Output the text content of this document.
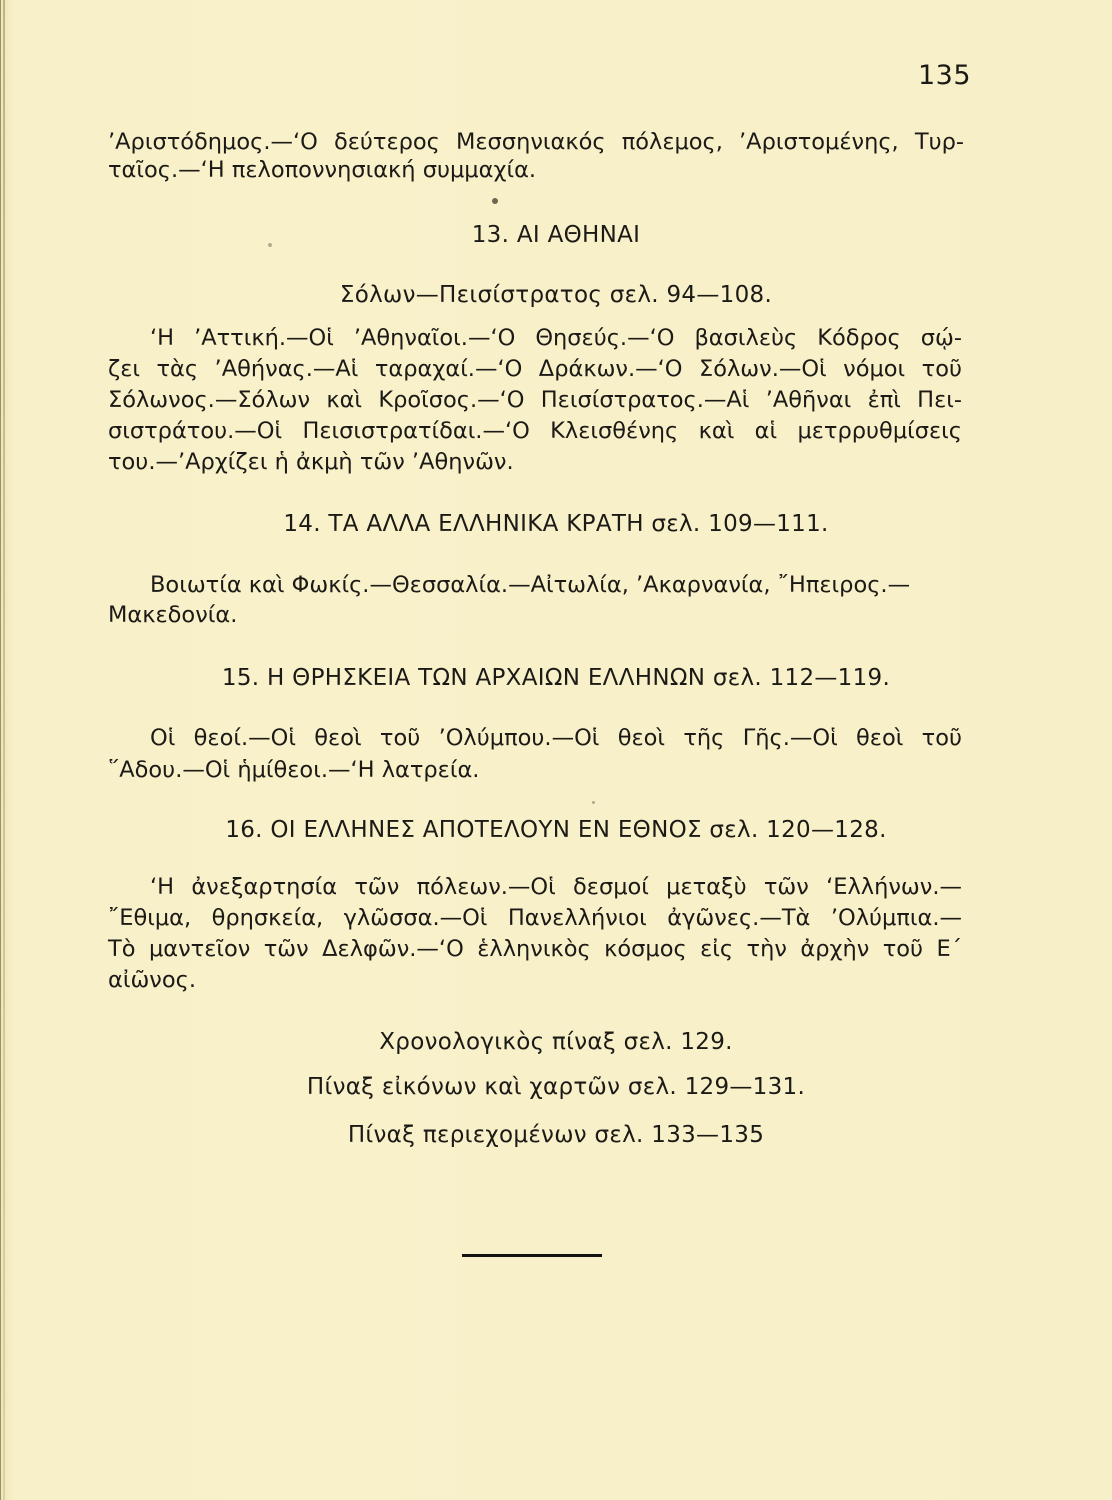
135
’Αριστόδημος.—‘Ο δεύτερος Μεσσηνιακός πόλεμος, ’Αριστομένης, Τυρ-
ταῖος.—‘Η πελοποννησιακή συμμαχία.
13. ΑΙ ΑΘΗΝΑΙ
Σόλων—Πεισίστρατος σελ. 94—108.
‘Η ’Αττική.—Οἱ ’Αθηναῖοι.—‘Ο Θησεύς.—‘Ο βασιλεὺς Κόδρος σῴ-
ζει τὰς ’Αθήνας.—Αἱ ταραχαί.—‘Ο Δράκων.—‘Ο Σόλων.—Οἱ νόμοι τοῦ
Σόλωνος.—Σόλων καὶ Κροῖσος.—‘Ο Πεισίστρατος.—Αἱ ’Αθῆναι ἐπὶ Πει-
σιστράτου.—Οἱ Πεισιστρατίδαι.—‘Ο Κλεισθένης καὶ αἱ μετρρυθμίσεις
του.—’Αρχίζει ἡ ἀκμὴ τῶν ’Αθηνῶν.
14. ΤΑ ΑΛΛΑ ΕΛΛΗΝΙΚΑ ΚΡΑΤΗ σελ. 109—111.
Βοιωτία καὶ Φωκίς.—Θεσσαλία.—Αἰτωλία, ’Ακαρνανία, ῎Ηπειρος.—
Μακεδονία.
15. Η ΘΡΗΣΚΕΙΑ ΤΩΝ ΑΡΧΑΙΩΝ ΕΛΛΗΝΩΝ σελ. 112—119.
Οἱ θεοί.—Οἱ θεοὶ τοῦ ’Ολύμπου.—Οἱ θεοὶ τῆς Γῆς.—Οἱ θεοὶ τοῦ
῞Αδου.—Οἱ ἡμίθεοι.—‘Η λατρεία.
16. ΟΙ ΕΛΛΗΝΕΣ ΑΠΟΤΕΛΟΥΝ ΕΝ ΕΘΝΟΣ σελ. 120—128.
‘Η ἀνεξαρτησία τῶν πόλεων.—Οἱ δεσμοί μεταξὺ τῶν ‘Ελλήνων.—
῎Εθιμα, θρησκεία, γλῶσσα.—Οἱ Πανελλήνιοι ἀγῶνες.—Τὰ ’Ολύμπια.—
Τὸ μαντεῖον τῶν Δελφῶν.—‘Ο ἑλληνικὸς κόσμος εἰς τὴν ἀρχὴν τοῦ Ε΄
αἰῶνος.
Χρονολογικὸς πίναξ σελ. 129.
Πίναξ εἰκόνων καὶ χαρτῶν σελ. 129—131.
Πίναξ περιεχομένων σελ. 133—135
